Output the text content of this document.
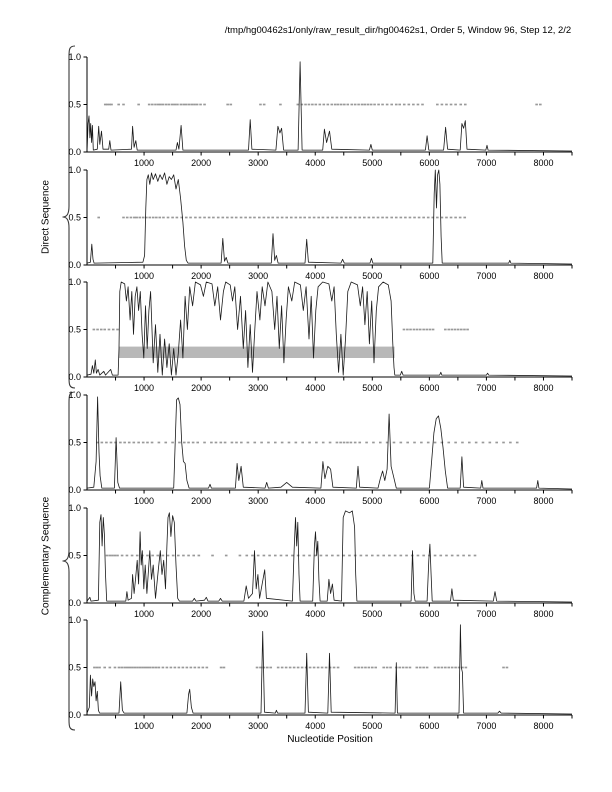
/tmp/hg00462s1/only/raw_result_dir/hg00462s1, Order 5, Window 96, Step 12, 2/2
Direct Sequence
Complementary Sequence
0.0
0.5
1.0
1000	2000	3000	4000	5000	6000	7000	8000
0.0
0.5
1.0
1000	2000	3000	4000	5000	6000	7000	8000
0.0
0.5
1.0
1000	2000	3000	4000	5000	6000	7000	8000
0.0
0.5
1.0
1000	2000	3000	4000	5000	6000	7000	8000
0.0
0.5
1.0
1000	2000	3000	4000	5000	6000	7000	8000
0.0
0.5
1.0
1000	2000	3000	4000	5000	6000	7000	8000
Nucleotide Position
